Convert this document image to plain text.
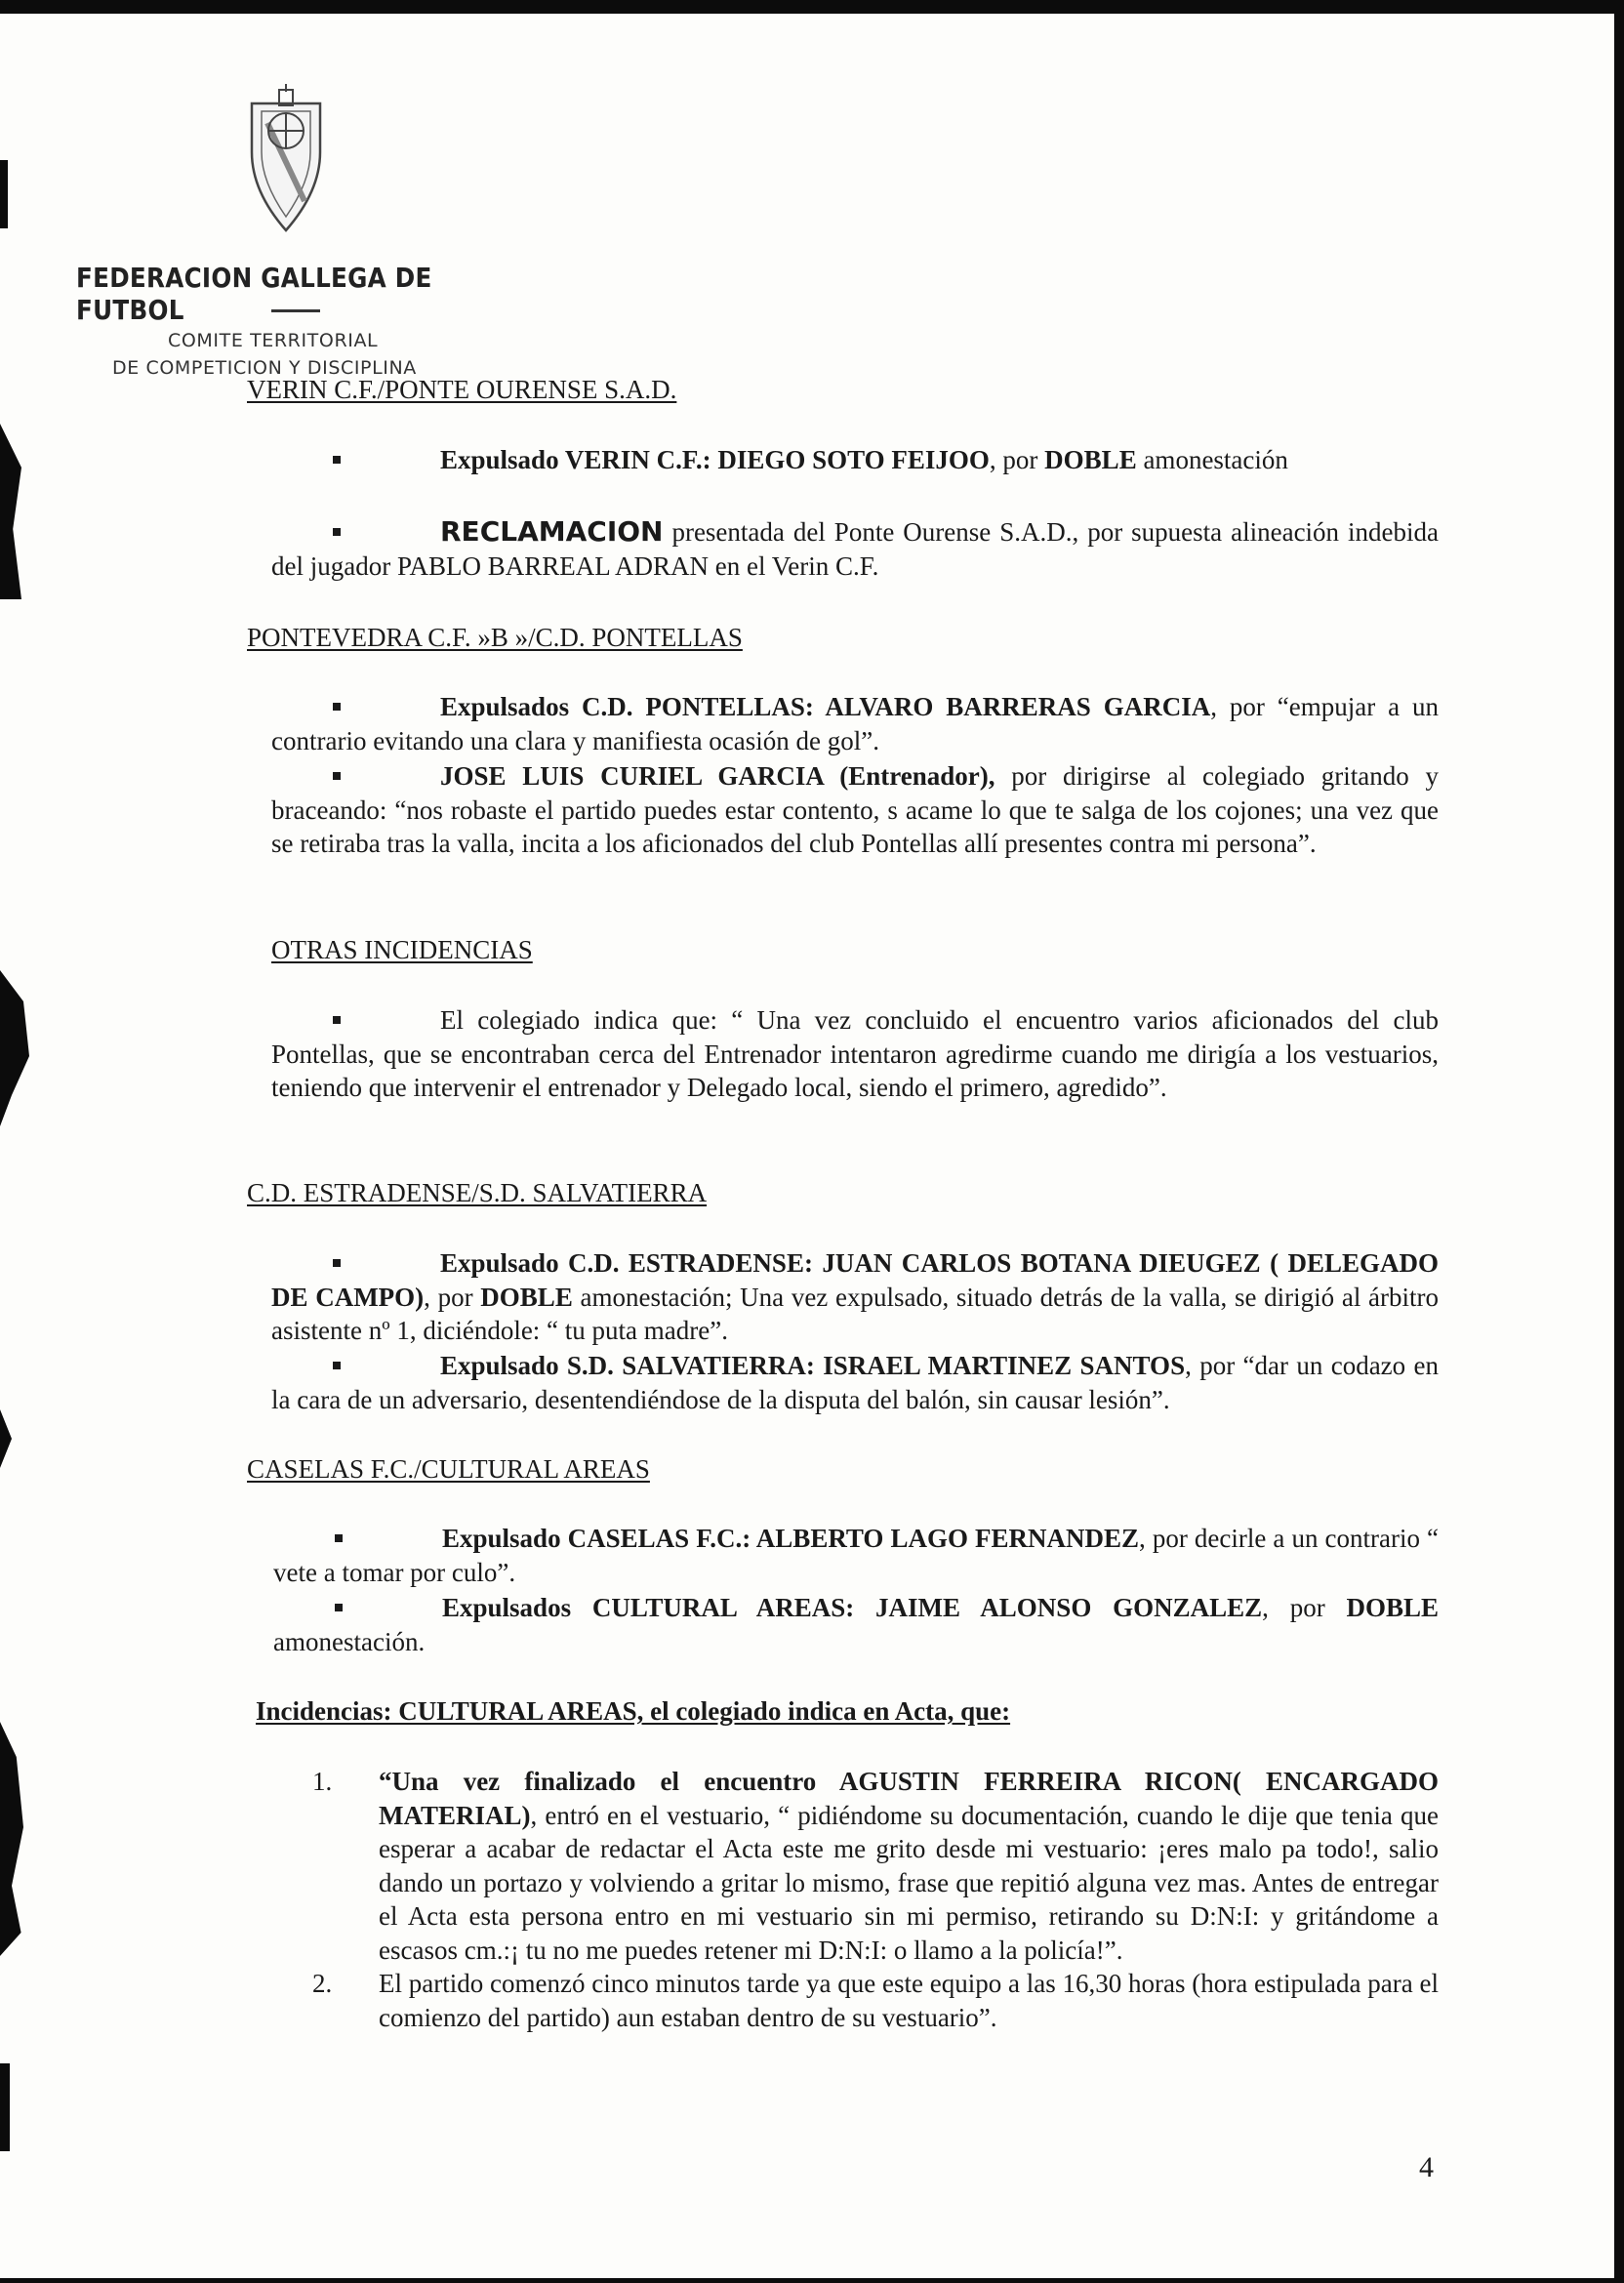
FEDERACION GALLEGA DE FUTBOL
COMITE TERRITORIAL
DE COMPETICION Y DISCIPLINA
VERIN C.F./PONTE OURENSE S.A.D.

Expulsado VERIN C.F.: DIEGO SOTO FEIJOO, por DOBLE amonestación

RECLAMACION presentada del Ponte Ourense S.A.D., por supuesta alineación indebida del jugador PABLO BARREAL ADRAN en el Verin C.F.

PONTEVEDRA C.F. »B »/C.D. PONTELLAS

Expulsados C.D. PONTELLAS: ALVARO BARRERAS GARCIA, por “empujar a un contrario evitando una clara y manifiesta ocasión de gol”.

JOSE LUIS CURIEL GARCIA (Entrenador), por dirigirse al colegiado gritando y braceando: “nos robaste el partido puedes estar contento, s acame lo que te salga de los cojones; una vez que se retiraba tras la valla, incita a los aficionados del club Pontellas allí presentes contra mi persona”.

OTRAS INCIDENCIAS

El colegiado indica que: “ Una vez concluido el encuentro varios aficionados del club Pontellas, que se encontraban cerca del Entrenador intentaron agredirme cuando me dirigía a los vestuarios, teniendo que intervenir el entrenador y Delegado local, siendo el primero, agredido”.

C.D. ESTRADENSE/S.D. SALVATIERRA

Expulsado C.D. ESTRADENSE: JUAN CARLOS BOTANA DIEUGEZ ( DELEGADO DE CAMPO), por DOBLE amonestación; Una vez expulsado, situado detrás de la valla, se dirigió al árbitro asistente nº 1, diciéndole: “ tu puta madre”.

Expulsado S.D. SALVATIERRA: ISRAEL MARTINEZ SANTOS, por “dar un codazo en la cara de un adversario, desentendiéndose de la disputa del balón, sin causar lesión”.

CASELAS F.C./CULTURAL AREAS

Expulsado CASELAS F.C.: ALBERTO LAGO FERNANDEZ, por decirle a un contrario “ vete a tomar por culo”.

Expulsados CULTURAL AREAS: JAIME ALONSO GONZALEZ, por DOBLE amonestación.

Incidencias: CULTURAL AREAS, el colegiado indica en Acta, que:
1. “Una vez finalizado el encuentro AGUSTIN FERREIRA RICON( ENCARGADO MATERIAL), entró en el vestuario, “ pidiéndome su documentación, cuando le dije que tenia que esperar a acabar de redactar el Acta este me grito desde mi vestuario: ¡eres malo pa todo!, salio dando un portazo y volviendo a gritar lo mismo, frase que repitió alguna vez mas. Antes de entregar el Acta esta persona entro en mi vestuario sin mi permiso, retirando su D:N:I: y gritándome a escasos cm.:¡ tu no me puedes retener mi D:N:I: o llamo a la policía!”.
2. El partido comenzó cinco minutos tarde ya que este equipo a las 16,30 horas (hora estipulada para el comienzo del partido) aun estaban dentro de su vestuario”.
4
